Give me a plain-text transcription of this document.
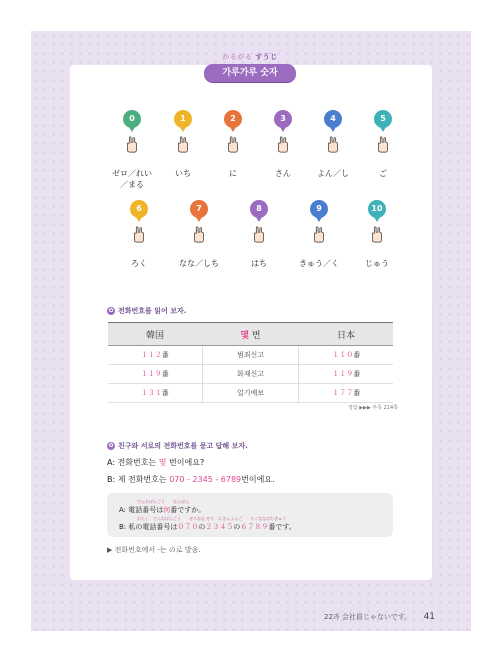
かるがる すうじ
가루가루 숫자
0
ゼロ／れい
／まる
1
いち
2
に
3
さん
4
よん／し
5
ご
6
ろく
7
なな／しち
8
はち
9
きゅう／く
10
じゅう
✿ 전화번호를 읽어 보자.
韓国	몇 번	日本
１１２番	범죄신고	１１０番
１１９番	화재신고	１１９番
１３１番	일기예보	１７７番
정답 ▶▶▶ 부록 214쪽
✿ 친구와 서로의 전화번호를 묻고 답해 보자.
A: 전화번호는 몇 번이에요?
B: 제 전화번호는 070 - 2345 - 6789번이에요.
でんわばんごう　　なんばん
A: 電話番号は何番ですか。
わたし　でんわばんごう　　ぜろなな ぜろ　にさんよんご　　ろくななはちきゅう
B: 私の電話番号は０７０の２３４５の６７８９番です。
▶ 전화번호에서 -는 の로 발음.
22과 会社員じゃないです。 41
